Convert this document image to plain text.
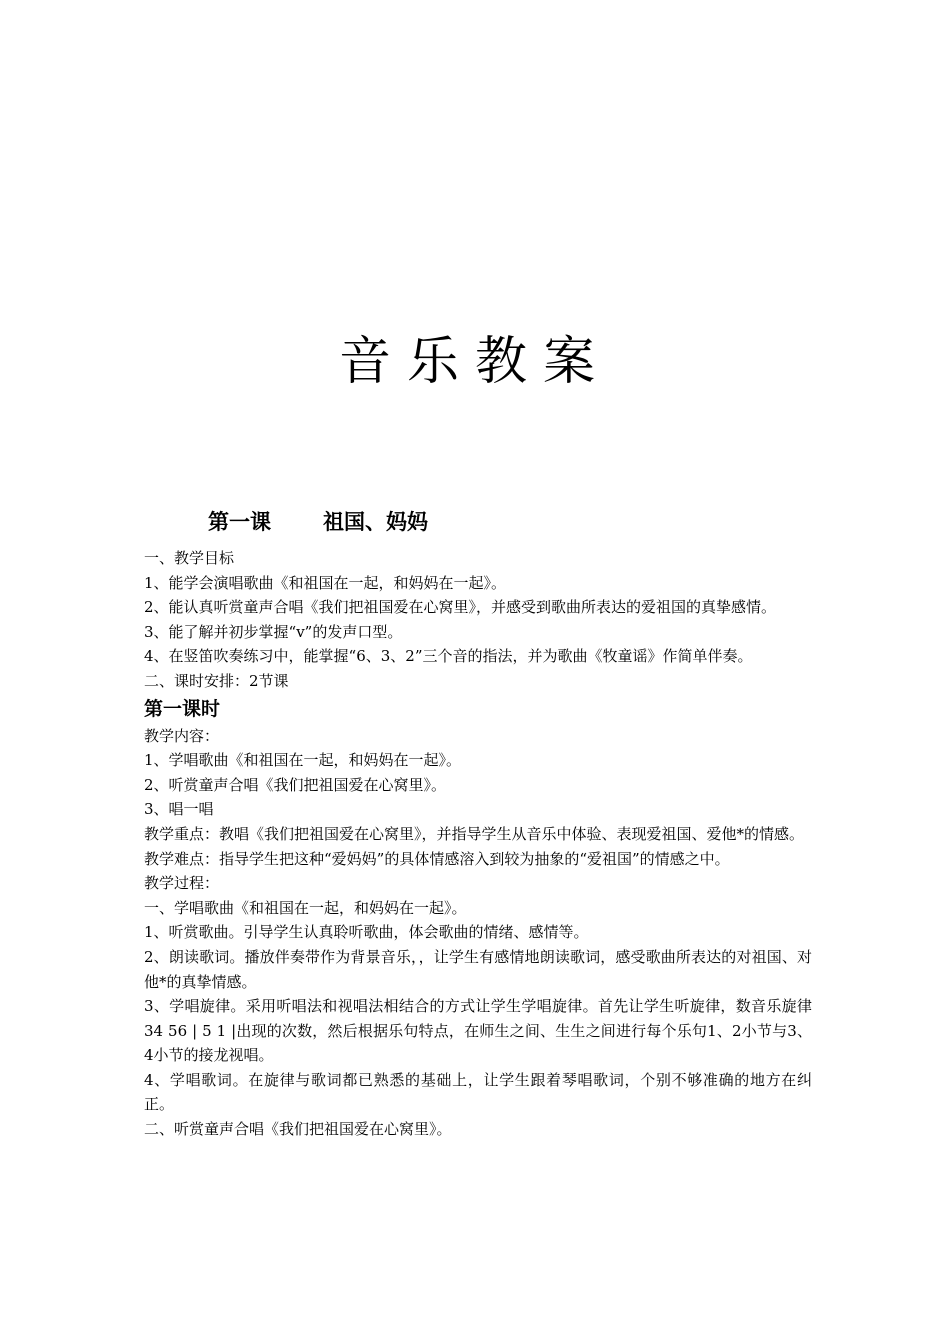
音乐教案
第一课 祖国、妈妈

一、教学目标

1、能学会演唱歌曲《和祖国在一起，和妈妈在一起》。

2、能认真听赏童声合唱《我们把祖国爱在心窝里》，并感受到歌曲所表达的爱祖国的真挚感情。

3、能了解并初步掌握“v”的发声口型。

4、在竖笛吹奏练习中，能掌握“6、3、2”三个音的指法，并为歌曲《牧童谣》作简单伴奏。

二、课时安排：2节课

第一课时

教学内容：

1、学唱歌曲《和祖国在一起，和妈妈在一起》。

2、听赏童声合唱《我们把祖国爱在心窝里》。

3、唱一唱

教学重点：教唱《我们把祖国爱在心窝里》，并指导学生从音乐中体验、表现爱祖国、爱他*的情感。

教学难点：指导学生把这种“爱妈妈”的具体情感溶入到较为抽象的“爱祖国”的情感之中。

教学过程：

一、学唱歌曲《和祖国在一起，和妈妈在一起》。

1、听赏歌曲。引导学生认真聆听歌曲，体会歌曲的情绪、感情等。

2、朗读歌词。播放伴奏带作为背景音乐，，让学生有感情地朗读歌词，感受歌曲所表达的对祖国、对他*的真挚情感。

3、学唱旋律。采用听唱法和视唱法相结合的方式让学生学唱旋律。首先让学生听旋律，数音乐旋律 34 56 | 5 1 |出现的次数，然后根据乐句特点，在师生之间、生生之间进行每个乐句1、2小节与3、4小节的接龙视唱。

4、学唱歌词。在旋律与歌词都已熟悉的基础上，让学生跟着琴唱歌词，个别不够准确的地方在纠正。

二、听赏童声合唱《我们把祖国爱在心窝里》。
